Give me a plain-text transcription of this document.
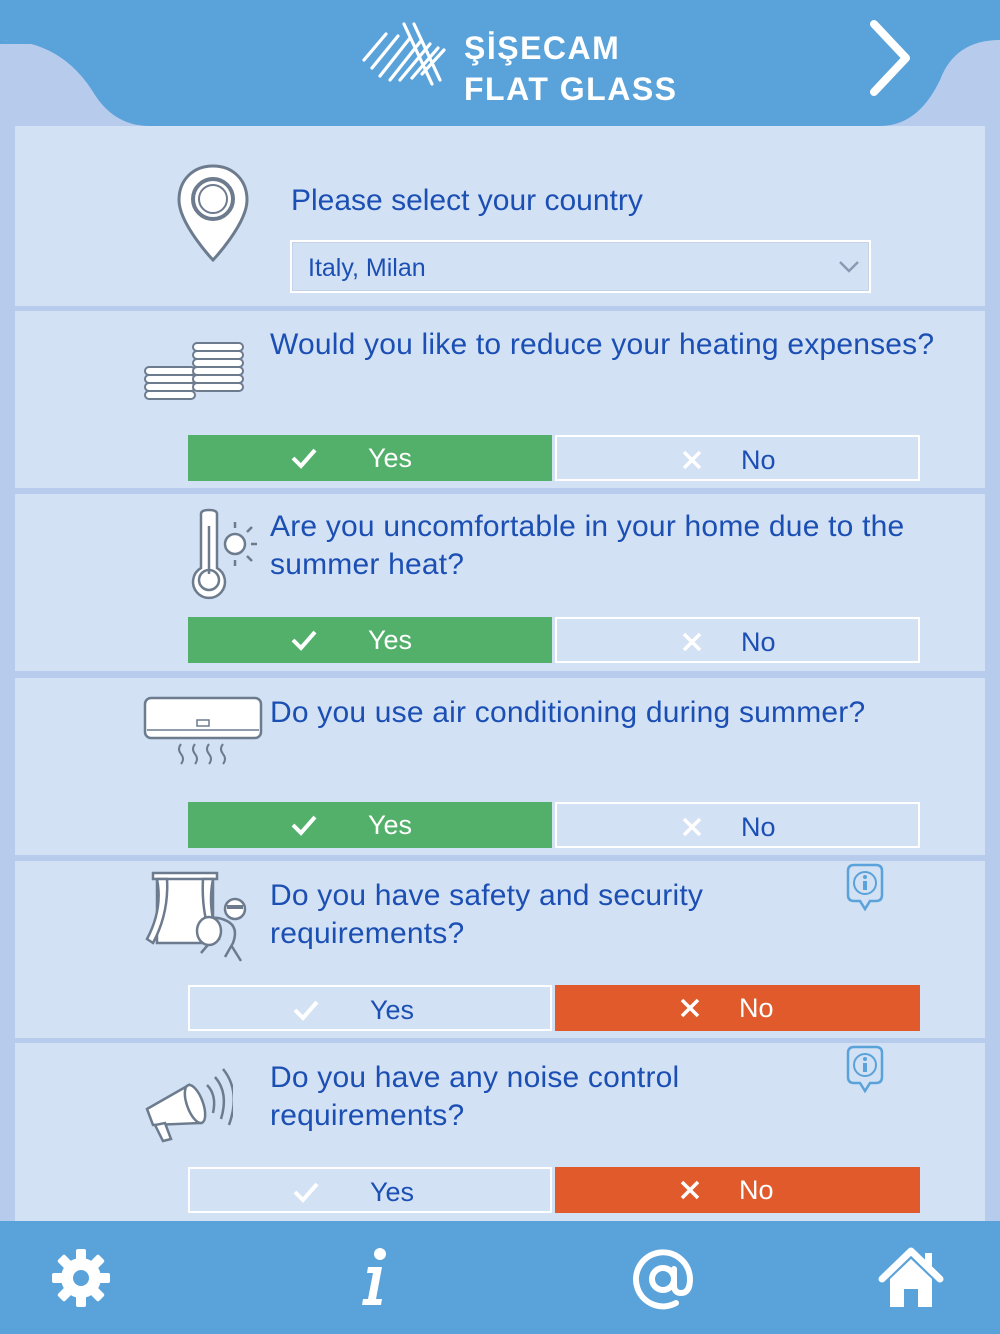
ŞİŞECAM
FLAT GLASS
Please select your country
Italy, Milan
Would you like to reduce your heating expenses?
Yes	No
Are you uncomfortable in your home due to the summer heat?
Yes	No
Do you use air conditioning during summer?
Yes	No
Do you have safety and security requirements?
Yes	No
Do you have any noise control requirements?
Yes	No
